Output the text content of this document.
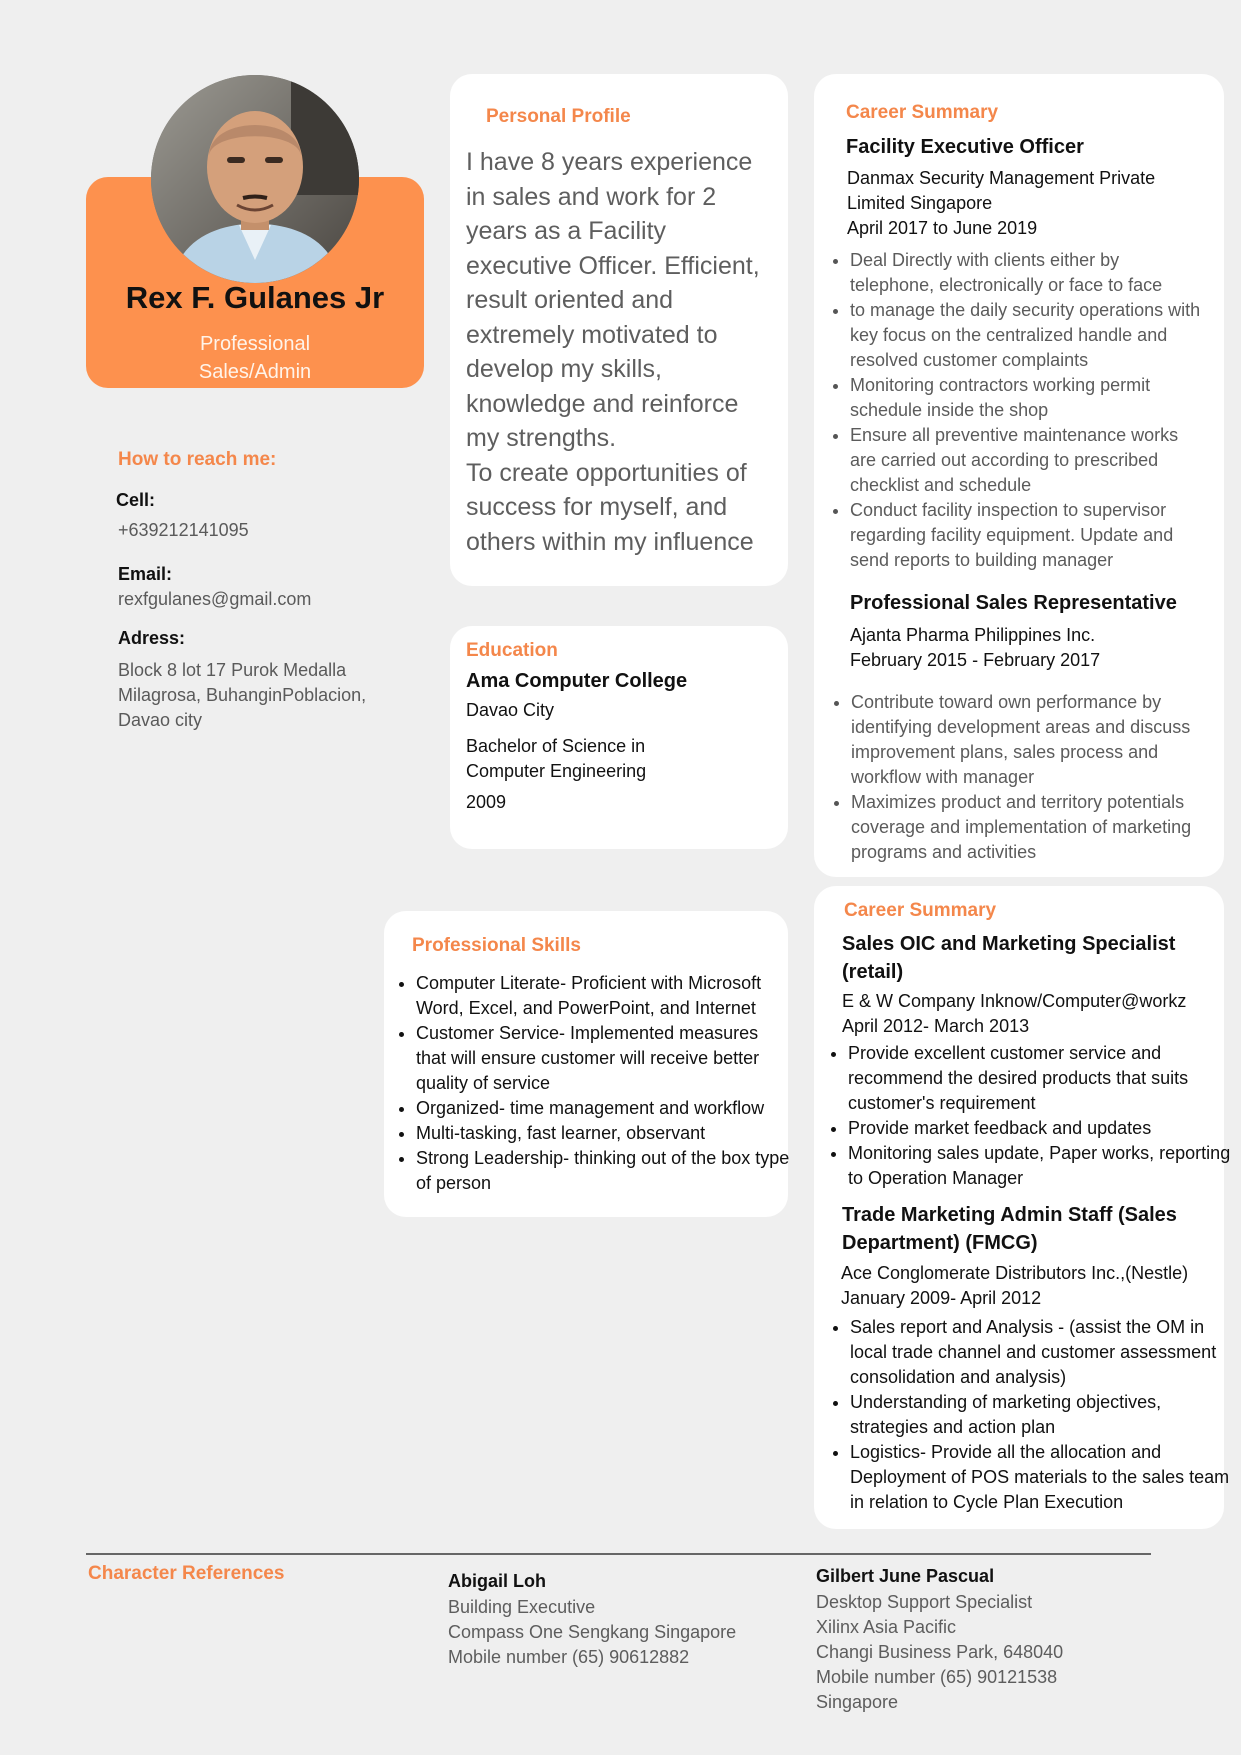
Rex F. Gulanes Jr
Professional
Sales/Admin
How to reach me:
Cell:
+639212141095
Email:
rexfgulanes@gmail.com
Adress:
Block 8 lot 17 Purok Medalla
Milagrosa, BuhanginPoblacion,
Davao city
Personal Profile
I have 8 years experience
in sales and work for 2
years as a Facility
executive Officer. Efficient,
result oriented and
extremely motivated to
develop my skills,
knowledge and reinforce
my strengths.
To create opportunities of
success for myself, and
others within my influence
Education
Ama Computer College
Davao City
Bachelor of Science in
Computer Engineering
2009
Professional Skills
• Computer Literate- Proficient with Microsoft Word, Excel, and PowerPoint, and Internet
• Customer Service- Implemented measures that will ensure customer will receive better quality of service
• Organized- time management and workflow
• Multi-tasking, fast learner, observant
• Strong Leadership- thinking out of the box type of person
Career Summary
Facility Executive Officer
Danmax Security Management Private
Limited Singapore
April 2017 to June 2019
• Deal Directly with clients either by telephone, electronically or face to face
• to manage the daily security operations with key focus on the centralized handle and resolved customer complaints
• Monitoring contractors working permit schedule inside the shop
• Ensure all preventive maintenance works are carried out according to prescribed checklist and schedule
• Conduct facility inspection to supervisor regarding facility equipment. Update and send reports to building manager
Professional Sales Representative
Ajanta Pharma Philippines Inc.
February 2015 - February 2017
• Contribute toward own performance by identifying development areas and discuss improvement plans, sales process and workflow with manager
• Maximizes product and territory potentials coverage and implementation of marketing programs and activities
Career Summary
Sales OIC and Marketing Specialist
(retail)
E & W Company Inknow/Computer@workz
April 2012- March 2013
• Provide excellent customer service and recommend the desired products that suits customer's requirement
• Provide market feedback and updates
• Monitoring sales update, Paper works, reporting to Operation Manager
Trade Marketing Admin Staff (Sales
Department) (FMCG)
Ace Conglomerate Distributors Inc.,(Nestle)
January 2009- April 2012
• Sales report and Analysis - (assist the OM in local trade channel and customer assessment consolidation and analysis)
• Understanding of marketing objectives, strategies and action plan
• Logistics- Provide all the allocation and Deployment of POS materials to the sales team in relation to Cycle Plan Execution
Character References	Abigail Loh
Building Executive
Compass One Sengkang Singapore
Mobile number (65) 90612882
Gilbert June Pascual
Desktop Support Specialist
Xilinx Asia Pacific
Changi Business Park, 648040
Mobile number (65) 90121538
Singapore
